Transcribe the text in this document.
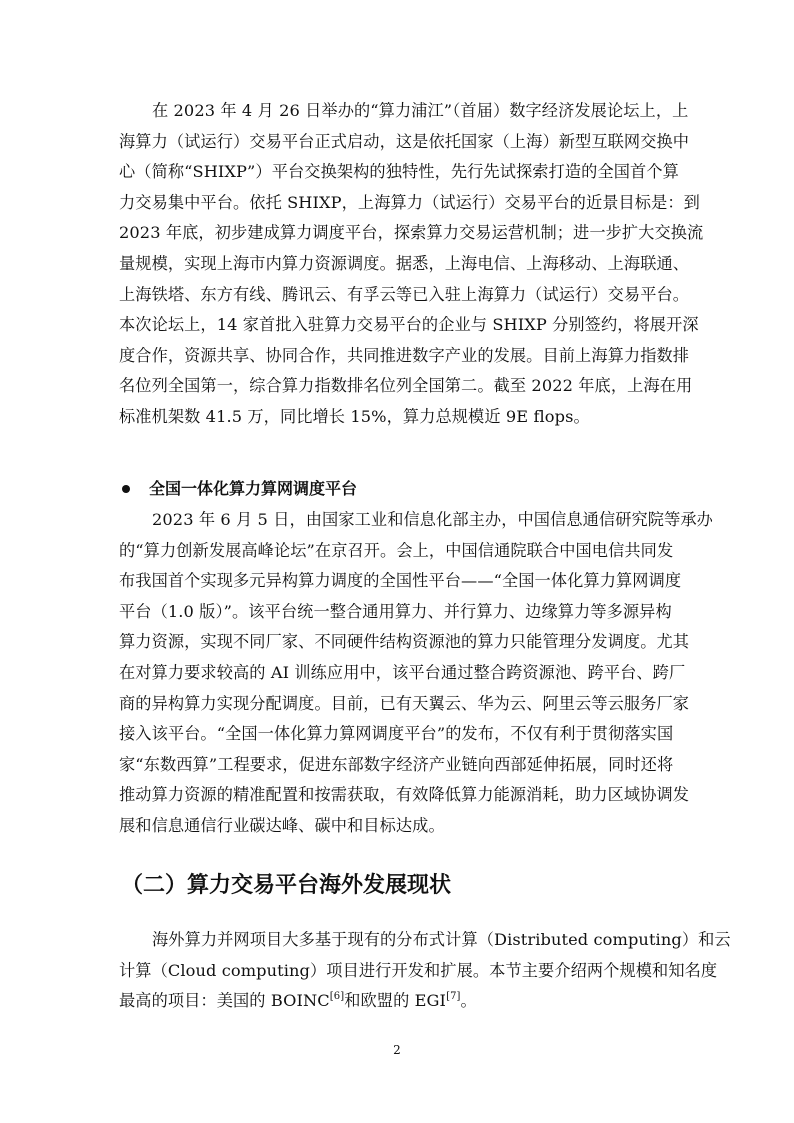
在 2023 年 4 月 26 日举办的“算力浦江”（首届）数字经济发展论坛上，上
海算力（试运行）交易平台正式启动，这是依托国家（上海）新型互联网交换中
心（简称“SHIXP”）平台交换架构的独特性，先行先试探索打造的全国首个算
力交易集中平台。依托 SHIXP，上海算力（试运行）交易平台的近景目标是：到
2023 年底，初步建成算力调度平台，探索算力交易运营机制；进一步扩大交换流
量规模，实现上海市内算力资源调度。据悉，上海电信、上海移动、上海联通、
上海铁塔、东方有线、腾讯云、有孚云等已入驻上海算力（试运行）交易平台。
本次论坛上，14 家首批入驻算力交易平台的企业与 SHIXP 分别签约，将展开深
度合作，资源共享、协同合作，共同推进数字产业的发展。目前上海算力指数排
名位列全国第一，综合算力指数排名位列全国第二。截至 2022 年底，上海在用
标准机架数 41.5 万，同比增长 15%，算力总规模近 9E flops。

全国一体化算力算网调度平台

2023 年 6 月 5 日，由国家工业和信息化部主办，中国信息通信研究院等承办
的“算力创新发展高峰论坛”在京召开。会上，中国信通院联合中国电信共同发
布我国首个实现多元异构算力调度的全国性平台——“全国一体化算力算网调度
平台（1.0 版）”。该平台统一整合通用算力、并行算力、边缘算力等多源异构
算力资源，实现不同厂家、不同硬件结构资源池的算力只能管理分发调度。尤其
在对算力要求较高的 AI 训练应用中，该平台通过整合跨资源池、跨平台、跨厂
商的异构算力实现分配调度。目前，已有天翼云、华为云、阿里云等云服务厂家
接入该平台。“全国一体化算力算网调度平台”的发布，不仅有利于贯彻落实国
家“东数西算”工程要求，促进东部数字经济产业链向西部延伸拓展，同时还将
推动算力资源的精准配置和按需获取，有效降低算力能源消耗，助力区域协调发
展和信息通信行业碳达峰、碳中和目标达成。

（二）算力交易平台海外发展现状

海外算力并网项目大多基于现有的分布式计算（Distributed computing）和云
计算（Cloud computing）项目进行开发和扩展。本节主要介绍两个规模和知名度
最高的项目：美国的 BOINC[6]和欧盟的 EGI[7]。

2
